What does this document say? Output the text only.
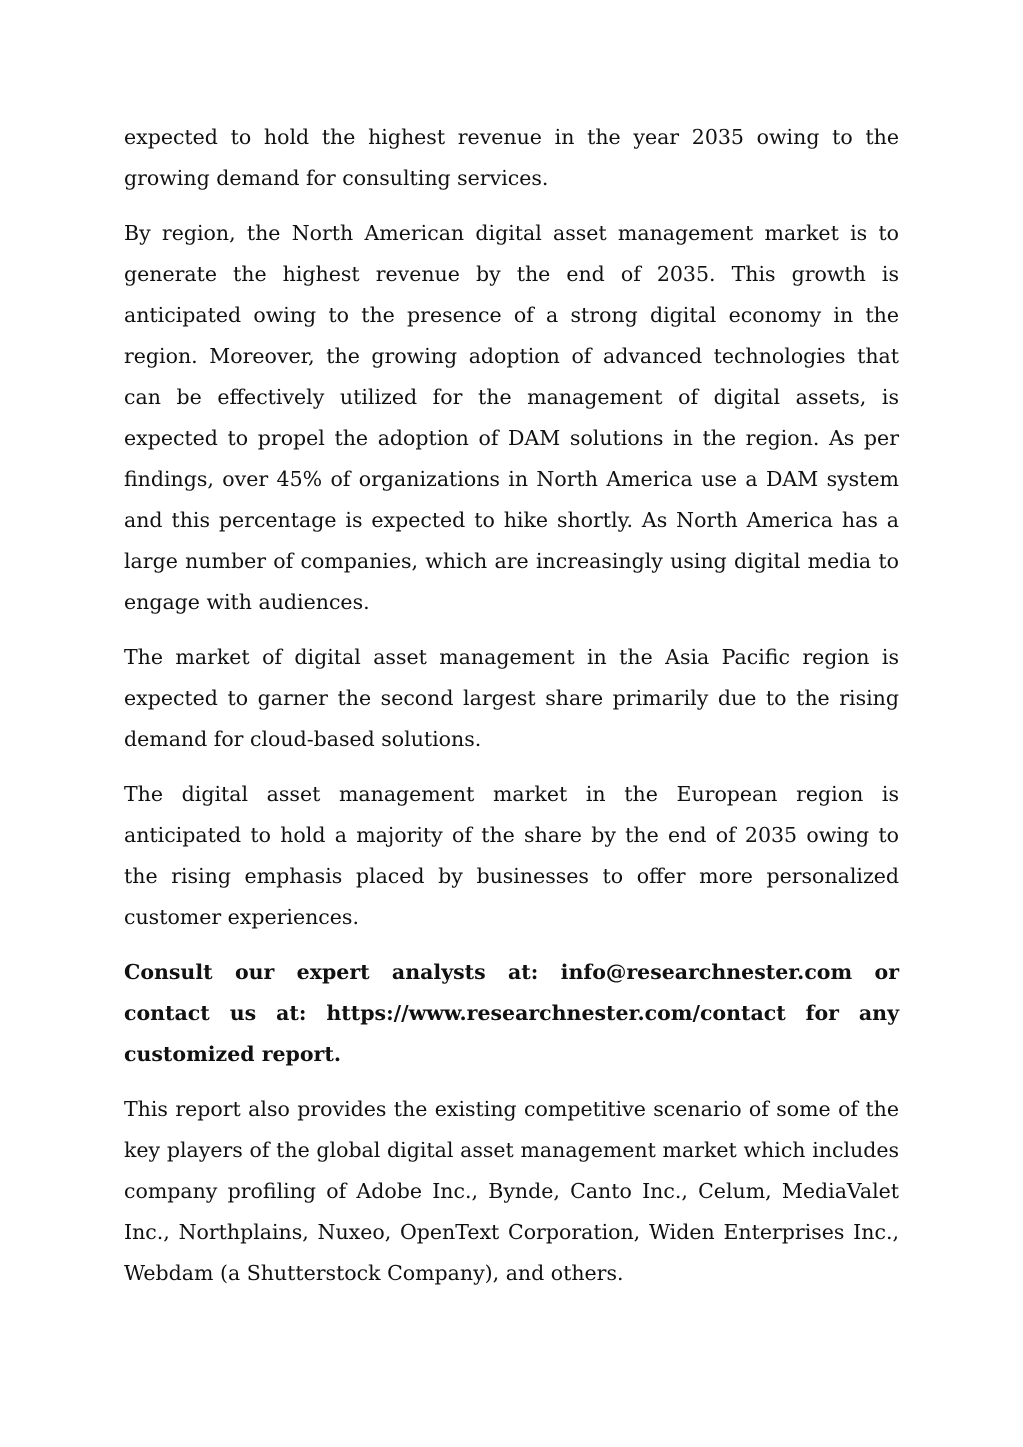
expected to hold the highest revenue in the year 2035 owing to the growing demand for consulting services.

By region, the North American digital asset management market is to generate the highest revenue by the end of 2035. This growth is anticipated owing to the presence of a strong digital economy in the region. Moreover, the growing adoption of advanced technologies that can be effectively utilized for the management of digital assets, is expected to propel the adoption of DAM solutions in the region. As per findings, over 45% of organizations in North America use a DAM system and this percentage is expected to hike shortly. As North America has a large number of companies, which are increasingly using digital media to engage with audiences.

The market of digital asset management in the Asia Pacific region is expected to garner the second largest share primarily due to the rising demand for cloud-based solutions.

The digital asset management market in the European region is anticipated to hold a majority of the share by the end of 2035 owing to the rising emphasis placed by businesses to offer more personalized customer experiences.

Consult our expert analysts at: info@researchnester.com or contact us at: https://www.researchnester.com/contact for any customized report.

This report also provides the existing competitive scenario of some of the key players of the global digital asset management market which includes company profiling of Adobe Inc., Bynde, Canto Inc., Celum, MediaValet Inc., Northplains, Nuxeo, OpenText Corporation, Widen Enterprises Inc., Webdam (a Shutterstock Company), and others.
